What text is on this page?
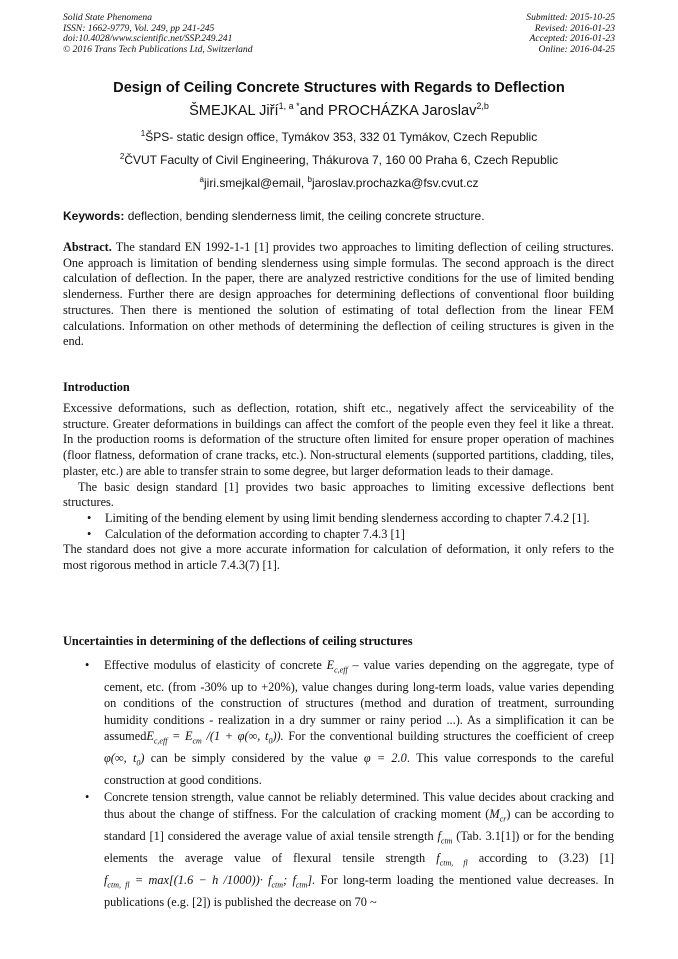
Solid State Phenomena
ISSN: 1662-9779, Vol. 249, pp 241-245
doi:10.4028/www.scientific.net/SSP.249.241
© 2016 Trans Tech Publications Ltd, Switzerland
Submitted: 2015-10-25
Revised: 2016-01-23
Accepted: 2016-01-23
Online: 2016-04-25
Design of Ceiling Concrete Structures with Regards to Deflection
ŠMEJKAL Jiří$^{1, a *}$and PROCHÁZKA Jaroslav$^{2,b}$
$^1$ŠPS- static design office, Tymákov 353, 332 01 Tymákov, Czech Republic
$^2$ČVUT Faculty of Civil Engineering, Thákurova 7, 160 00 Praha 6, Czech Republic
$^a$jiri.smejkal@email, $^b$jaroslav.prochazka@fsv.cvut.cz
Keywords: deflection, bending slenderness limit, the ceiling concrete structure.

Abstract. The standard EN 1992-1-1 [1] provides two approaches to limiting deflection of ceiling structures. One approach is limitation of bending slenderness using simple formulas. The second approach is the direct calculation of deflection. In the paper, there are analyzed restrictive conditions for the use of limited bending slenderness. Further there are design approaches for determining deflections of conventional floor building structures. Then there is mentioned the solution of estimating of total deflection from the linear FEM calculations. Information on other methods of determining the deflection of ceiling structures is given in the end.

Introduction

Excessive deformations, such as deflection, rotation, shift etc., negatively affect the serviceability of the structure. Greater deformations in buildings can affect the comfort of the people even they feel it like a threat. In the production rooms is deformation of the structure often limited for ensure proper operation of machines (floor flatness, deformation of crane tracks, etc.). Non-structural elements (supported partitions, cladding, tiles, plaster, etc.) are able to transfer strain to some degree, but larger deformation leads to their damage.

The basic design standard [1] provides two basic approaches to limiting excessive deflections bent structures.

• Limiting of the bending element by using limit bending slenderness according to chapter 7.4.2 [1].
• Calculation of the deformation according to chapter 7.4.3 [1]

The standard does not give a more accurate information for calculation of deformation, it only refers to the most rigorous method in article 7.4.3(7) [1].

Uncertainties in determining of the deflections of ceiling structures
• Effective modulus of elasticity of concrete $E_{c,eff}$ – value varies depending on the aggregate, type of cement, etc. (from -30% up to +20%), value changes during long-term loads, value varies depending on conditions of the construction of structures (method and duration of treatment, surrounding humidity conditions - realization in a dry summer or rainy period ...). As a simplification it can be assumedE$_{c,eff}$ = $E_{cm}$ /(1 + φ(∞, $t_0$)). For the conventional building structures the coefficient of creep φ(∞, $t_0$) can be simply considered by the value φ = 2.0. This value corresponds to the careful construction at good conditions.
• Concrete tension strength, value cannot be reliably determined. This value decides about cracking and thus about the change of stiffness. For the calculation of cracking moment $(M_{cr})$ can be according to standard [1] considered the average value of axial tensile strength $f_{ctm}$ (Tab. 3.1[1]) or for the bending elements the average value of flexural tensile strength $f_{ctm, fl}$ according to (3.23) [1] $f_{ctm, fl} = \max[(1.6 - h$ $/1000))\cdot f_{ctm}$; $f_{ctm}$]. For long-term loading the mentioned value decreases. In publications (e.g. [2]) is published the decrease on 70 ~
